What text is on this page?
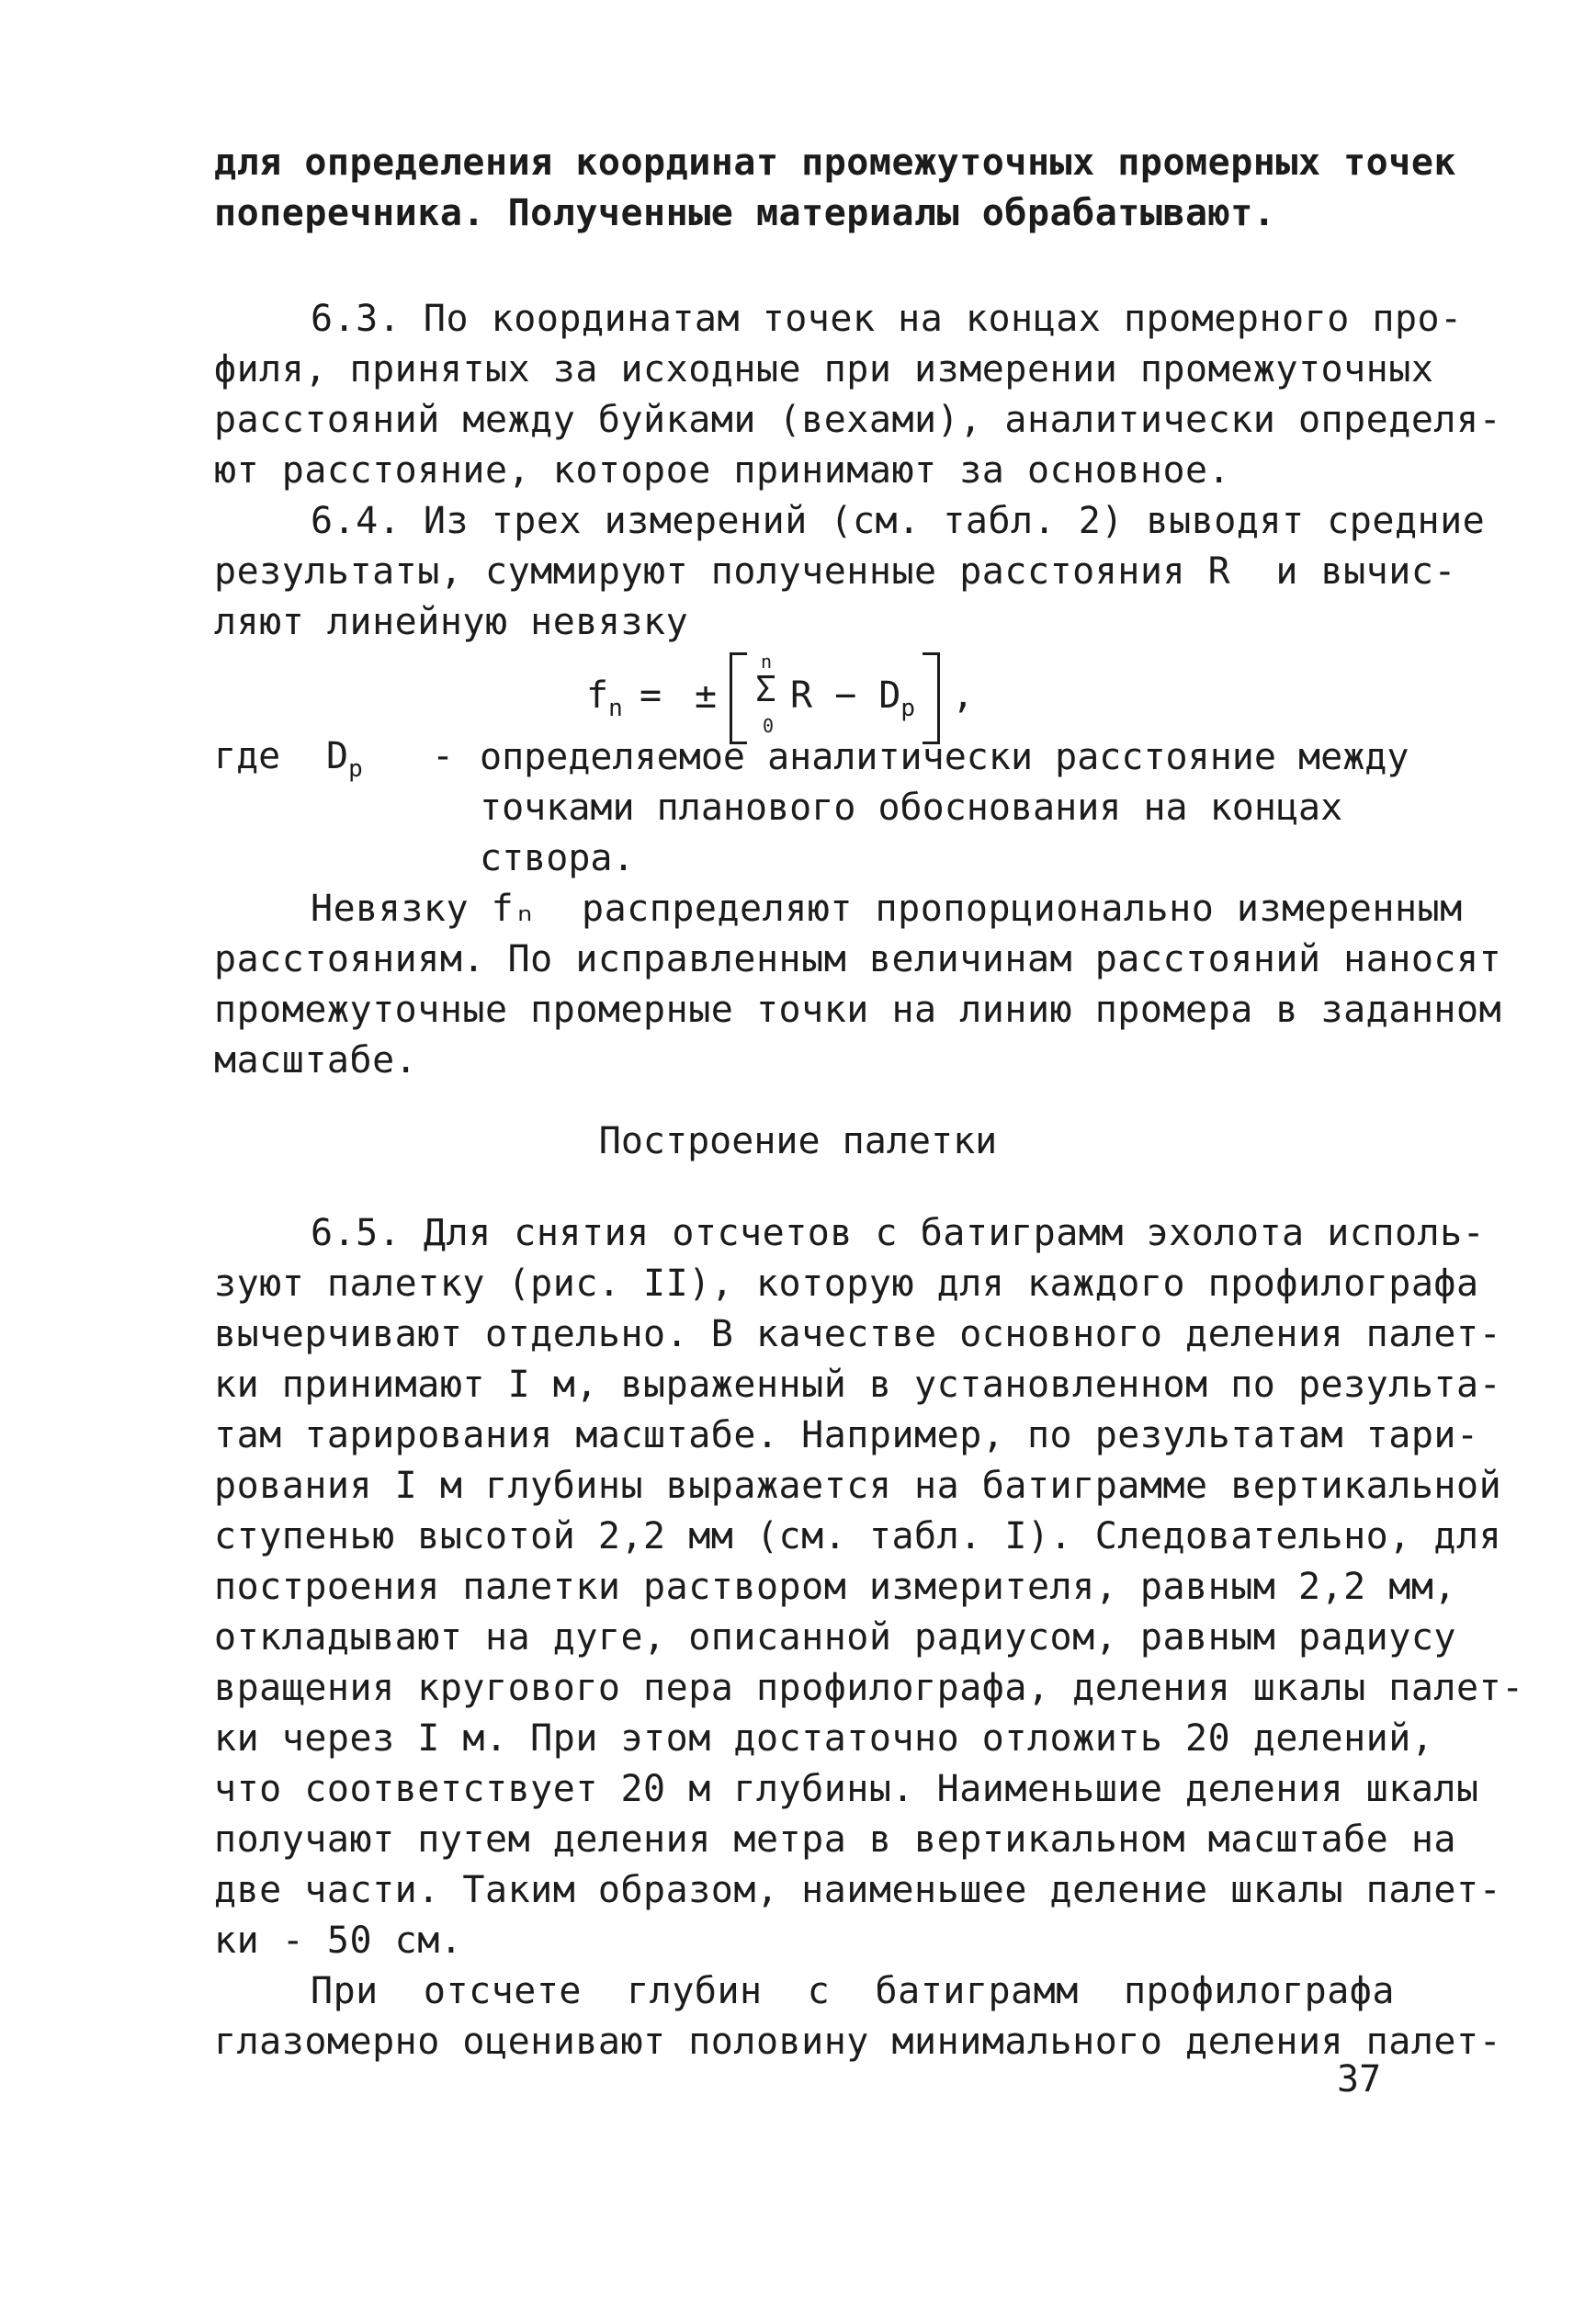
для определения координат промежуточных промерных точек
поперечника. Полученные материалы обрабатывают.
6.3. По координатам точек на концах промерного про-
филя, принятых за исходные при измерении промежуточных
расстояний между буйками (вехами), аналитически определя-
ют расстояние, которое принимают за основное.
6.4. Из трех измерений (см. табл. 2) выводят средние
результаты, суммируют полученные расстояния R  и вычис-
ляют линейную невязку

$f_n$

=

±

n

Σ

0

$R - D_p$

,

где $D_p$ - определяемое аналитически расстояние между
точками планового обоснования на концах
створа.
Невязку fₙ  распределяют пропорционально измеренным
расстояниям. По исправленным величинам расстояний наносят
промежуточные промерные точки на линию промера в заданном
масштабе.
Построение палетки
6.5. Для снятия отсчетов с батиграмм эхолота исполь-
зуют палетку (рис. II), которую для каждого профилографа
вычерчивают отдельно. В качестве основного деления палет-
ки принимают I м, выраженный в установленном по результа-
там тарирования масштабе. Например, по результатам тари-
рования I м глубины выражается на батиграмме вертикальной
ступенью высотой 2,2 мм (см. табл. I). Следовательно, для
построения палетки раствором измерителя, равным 2,2 мм,
откладывают на дуге, описанной радиусом, равным радиусу
вращения кругового пера профилографа, деления шкалы палет-
ки через I м. При этом достаточно отложить 20 делений,
что соответствует 20 м глубины. Наименьшие деления шкалы
получают путем деления метра в вертикальном масштабе на
две части. Таким образом, наименьшее деление шкалы палет-
ки - 50 см.
При  отсчете  глубин  с  батиграмм  профилографа
глазомерно оценивают половину минимального деления палет-
37
